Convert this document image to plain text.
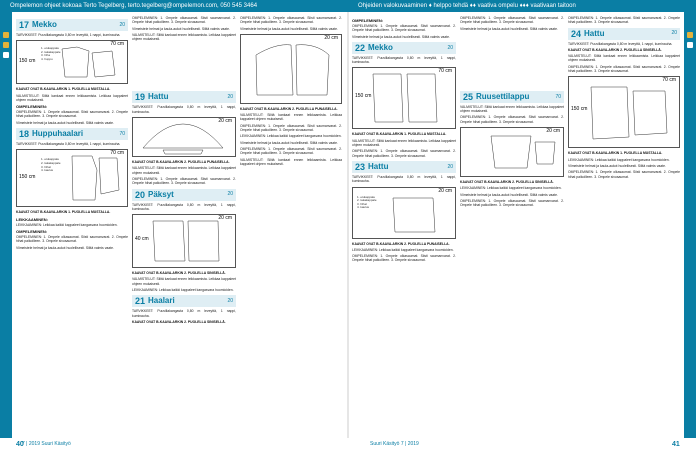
Ompelemon ohjeet kokoaa Terto Tegelberg, terto.tegelberg@ompelemon.com, 050 545 3464	Ohjeiden valokuvaaminen ♦ helppo tehdä ♦♦ vaativa ompelu ♦♦♦ vaativaan taitoon
17 Mekko	20

TARVIKKEET: Puuvillakangasta 0,80 m leveyttä, 1 nappi, kuminauha.

70 cm
150 cm
1. etukappale
2. takakappale
3. hiha
4. huppu
KAAVAT OVAT B-KAAVA-ARKIN 1. PUOLELLA MUSTALLA.

VALMISTELUT: Silitä kankaat ennen leikkaamista. Leikkaa kappaleet ohjeen mukaisesti.

OMPELEMINEN:

OMPELEMINEN: 1. Ompele olkasaumat. Siisti saumanvarat. 2. Ompele hihat paikoilleen. 3. Ompele sivusaumat.

Viimeistele helmat ja kaula-aukot huolellisesti. Silitä valmis vaate.

18 Huppuhaalari	70

TARVIKKEET: Puuvillakangasta 0,80 m leveyttä, 1 nappi, kuminauha.

70 cm
150 cm
1. etukappale
2. takakappale
3. hihat
4. kaulus
KAAVAT OVAT B-KAAVA-ARKIN 1. PUOLELLA MUSTALLA.
LEIKKAAMINEN:

LEIKKAAMINEN: Leikkaa kaikki kappaleet kangasvara huomioiden.

OMPELEMINEN:

OMPELEMINEN: 1. Ompele olkasaumat. Siisti saumanvarat. 2. Ompele hihat paikoilleen. 3. Ompele sivusaumat.

Viimeistele helmat ja kaula-aukot huolellisesti. Silitä valmis vaate.

OMPELEMINEN: 1. Ompele olkasaumat. Siisti saumanvarat. 2. Ompele hihat paikoilleen. 3. Ompele sivusaumat.

Viimeistele helmat ja kaula-aukot huolellisesti. Silitä valmis vaate.

VALMISTELUT: Silitä kankaat ennen leikkaamista. Leikkaa kappaleet ohjeen mukaisesti.

19 Hattu	20

TARVIKKEET: Puuvillakangasta 0,80 m leveyttä, 1 nappi, kuminauha.

20 cm
KAAVAT OVAT B-KAAVA-ARKIN 2. PUOLELLA PUNAISELLA.

VALMISTELUT: Silitä kankaat ennen leikkaamista. Leikkaa kappaleet ohjeen mukaisesti.

OMPELEMINEN: 1. Ompele olkasaumat. Siisti saumanvarat. 2. Ompele hihat paikoilleen. 3. Ompele sivusaumat.

20 Päksyt	20

TARVIKKEET: Puuvillakangasta 0,80 m leveyttä, 1 nappi, kuminauha.

20 cm
40 cm
KAAVAT OVAT B-KAAVA-ARKIN 2. PUOLELLA SINISELLÄ.

VALMISTELUT: Silitä kankaat ennen leikkaamista. Leikkaa kappaleet ohjeen mukaisesti.

LEIKKAAMINEN: Leikkaa kaikki kappaleet kangasvara huomioiden.

21 Haalari	20

TARVIKKEET: Puuvillakangasta 0,80 m leveyttä, 1 nappi, kuminauha.

KAAVAT OVAT B-KAAVA-ARKIN 2. PUOLELLA SINISELLÄ.

OMPELEMINEN: 1. Ompele olkasaumat. Siisti saumanvarat. 2. Ompele hihat paikoilleen. 3. Ompele sivusaumat.

Viimeistele helmat ja kaula-aukot huolellisesti. Silitä valmis vaate.

20 cm
KAAVAT OVAT B-KAAVA-ARKIN 2. PUOLELLA PUNAISELLA.

VALMISTELUT: Silitä kankaat ennen leikkaamista. Leikkaa kappaleet ohjeen mukaisesti.

OMPELEMINEN: 1. Ompele olkasaumat. Siisti saumanvarat. 2. Ompele hihat paikoilleen. 3. Ompele sivusaumat.

LEIKKAAMINEN: Leikkaa kaikki kappaleet kangasvara huomioiden.

Viimeistele helmat ja kaula-aukot huolellisesti. Silitä valmis vaate.

OMPELEMINEN: 1. Ompele olkasaumat. Siisti saumanvarat. 2. Ompele hihat paikoilleen. 3. Ompele sivusaumat.

VALMISTELUT: Silitä kankaat ennen leikkaamista. Leikkaa kappaleet ohjeen mukaisesti.

OMPELEMINEN:

OMPELEMINEN: 1. Ompele olkasaumat. Siisti saumanvarat. 2. Ompele hihat paikoilleen. 3. Ompele sivusaumat.

Viimeistele helmat ja kaula-aukot huolellisesti. Silitä valmis vaate.

22 Mekko	20

TARVIKKEET: Puuvillakangasta 0,80 m leveyttä, 1 nappi, kuminauha.

70 cm
150 cm
KAAVAT OVAT B-KAAVA-ARKIN 1. PUOLELLA MUSTALLA.

VALMISTELUT: Silitä kankaat ennen leikkaamista. Leikkaa kappaleet ohjeen mukaisesti.

OMPELEMINEN: 1. Ompele olkasaumat. Siisti saumanvarat. 2. Ompele hihat paikoilleen. 3. Ompele sivusaumat.

23 Hattu	20

TARVIKKEET: Puuvillakangasta 0,80 m leveyttä, 1 nappi, kuminauha.

20 cm
1. etukappale
2. takakappale
3. hihat
4. kaulus
KAAVAT OVAT B-KAAVA-ARKIN 2. PUOLELLA PUNAISELLA.

LEIKKAAMINEN: Leikkaa kaikki kappaleet kangasvara huomioiden.

OMPELEMINEN: 1. Ompele olkasaumat. Siisti saumanvarat. 2. Ompele hihat paikoilleen. 3. Ompele sivusaumat.

OMPELEMINEN: 1. Ompele olkasaumat. Siisti saumanvarat. 2. Ompele hihat paikoilleen. 3. Ompele sivusaumat.

Viimeistele helmat ja kaula-aukot huolellisesti. Silitä valmis vaate.

25 Ruusettilappu	70

VALMISTELUT: Silitä kankaat ennen leikkaamista. Leikkaa kappaleet ohjeen mukaisesti.

OMPELEMINEN: 1. Ompele olkasaumat. Siisti saumanvarat. 2. Ompele hihat paikoilleen. 3. Ompele sivusaumat.

20 cm
KAAVAT OVAT B-KAAVA-ARKIN 2. PUOLELLA SINISELLÄ.

LEIKKAAMINEN: Leikkaa kaikki kappaleet kangasvara huomioiden.

Viimeistele helmat ja kaula-aukot huolellisesti. Silitä valmis vaate.

OMPELEMINEN: 1. Ompele olkasaumat. Siisti saumanvarat. 2. Ompele hihat paikoilleen. 3. Ompele sivusaumat.

OMPELEMINEN: 1. Ompele olkasaumat. Siisti saumanvarat. 2. Ompele hihat paikoilleen. 3. Ompele sivusaumat.

24 Hattu	20

TARVIKKEET: Puuvillakangasta 0,80 m leveyttä, 1 nappi, kuminauha.

KAAVAT OVAT B-KAAVA-ARKIN 2. PUOLELLA SINISELLÄ.

VALMISTELUT: Silitä kankaat ennen leikkaamista. Leikkaa kappaleet ohjeen mukaisesti.

OMPELEMINEN: 1. Ompele olkasaumat. Siisti saumanvarat. 2. Ompele hihat paikoilleen. 3. Ompele sivusaumat.

70 cm
150 cm
KAAVAT OVAT B-KAAVA-ARKIN 1. PUOLELLA MUSTALLA.

LEIKKAAMINEN: Leikkaa kaikki kappaleet kangasvara huomioiden.

Viimeistele helmat ja kaula-aukot huolellisesti. Silitä valmis vaate.

OMPELEMINEN: 1. Ompele olkasaumat. Siisti saumanvarat. 2. Ompele hihat paikoilleen. 3. Ompele sivusaumat.

7 | 2019 Suuri Käsityö	Suuri Käsityö 7 | 2019
40	41
